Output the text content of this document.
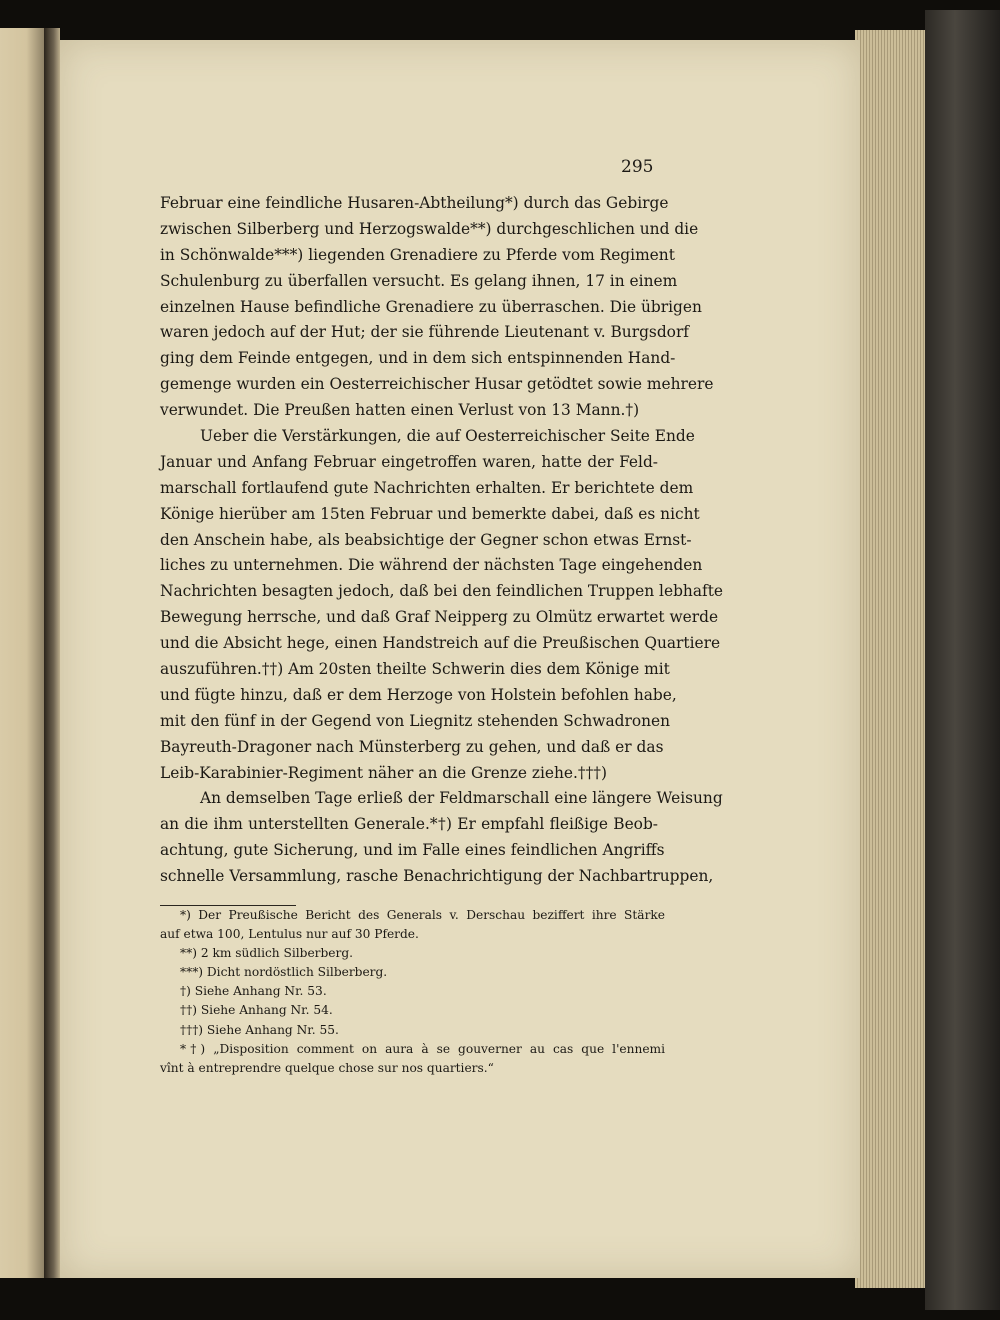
295
Februar eine feindliche Husaren-Abtheilung*) durch das Gebirge
zwischen Silberberg und Herzogswalde**) durchgeschlichen und die
in Schönwalde***) liegenden Grenadiere zu Pferde vom Regiment
Schulenburg zu überfallen versucht. Es gelang ihnen, 17 in einem
einzelnen Hause befindliche Grenadiere zu überraschen. Die übrigen
waren jedoch auf der Hut; der sie führende Lieutenant v. Burgsdorf
ging dem Feinde entgegen, und in dem sich entspinnenden Hand-
gemenge wurden ein Oesterreichischer Husar getödtet sowie mehrere
verwundet. Die Preußen hatten einen Verlust von 13 Mann.†)
Ueber die Verstärkungen, die auf Oesterreichischer Seite Ende
Januar und Anfang Februar eingetroffen waren, hatte der Feld-
marschall fortlaufend gute Nachrichten erhalten. Er berichtete dem
Könige hierüber am 15ten Februar und bemerkte dabei, daß es nicht
den Anschein habe, als beabsichtige der Gegner schon etwas Ernst-
liches zu unternehmen. Die während der nächsten Tage eingehenden
Nachrichten besagten jedoch, daß bei den feindlichen Truppen lebhafte
Bewegung herrsche, und daß Graf Neipperg zu Olmütz erwartet werde
und die Absicht hege, einen Handstreich auf die Preußischen Quartiere
auszuführen.††) Am 20sten theilte Schwerin dies dem Könige mit
und fügte hinzu, daß er dem Herzoge von Holstein befohlen habe,
mit den fünf in der Gegend von Liegnitz stehenden Schwadronen
Bayreuth-Dragoner nach Münsterberg zu gehen, und daß er das
Leib-Karabinier-Regiment näher an die Grenze ziehe.†††)
An demselben Tage erließ der Feldmarschall eine längere Weisung
an die ihm unterstellten Generale.*†) Er empfahl fleißige Beob-
achtung, gute Sicherung, und im Falle eines feindlichen Angriffs
schnelle Versammlung, rasche Benachrichtigung der Nachbartruppen,
*) Der Preußische Bericht des Generals v. Derschau beziffert ihre Stärke
auf etwa 100, Lentulus nur auf 30 Pferde.
**) 2 km südlich Silberberg.
***) Dicht nordöstlich Silberberg.
†) Siehe Anhang Nr. 53.
††) Siehe Anhang Nr. 54.
†††) Siehe Anhang Nr. 55.
*†) „Disposition comment on aura à se gouverner au cas que l'ennemi
vînt à entreprendre quelque chose sur nos quartiers.“
